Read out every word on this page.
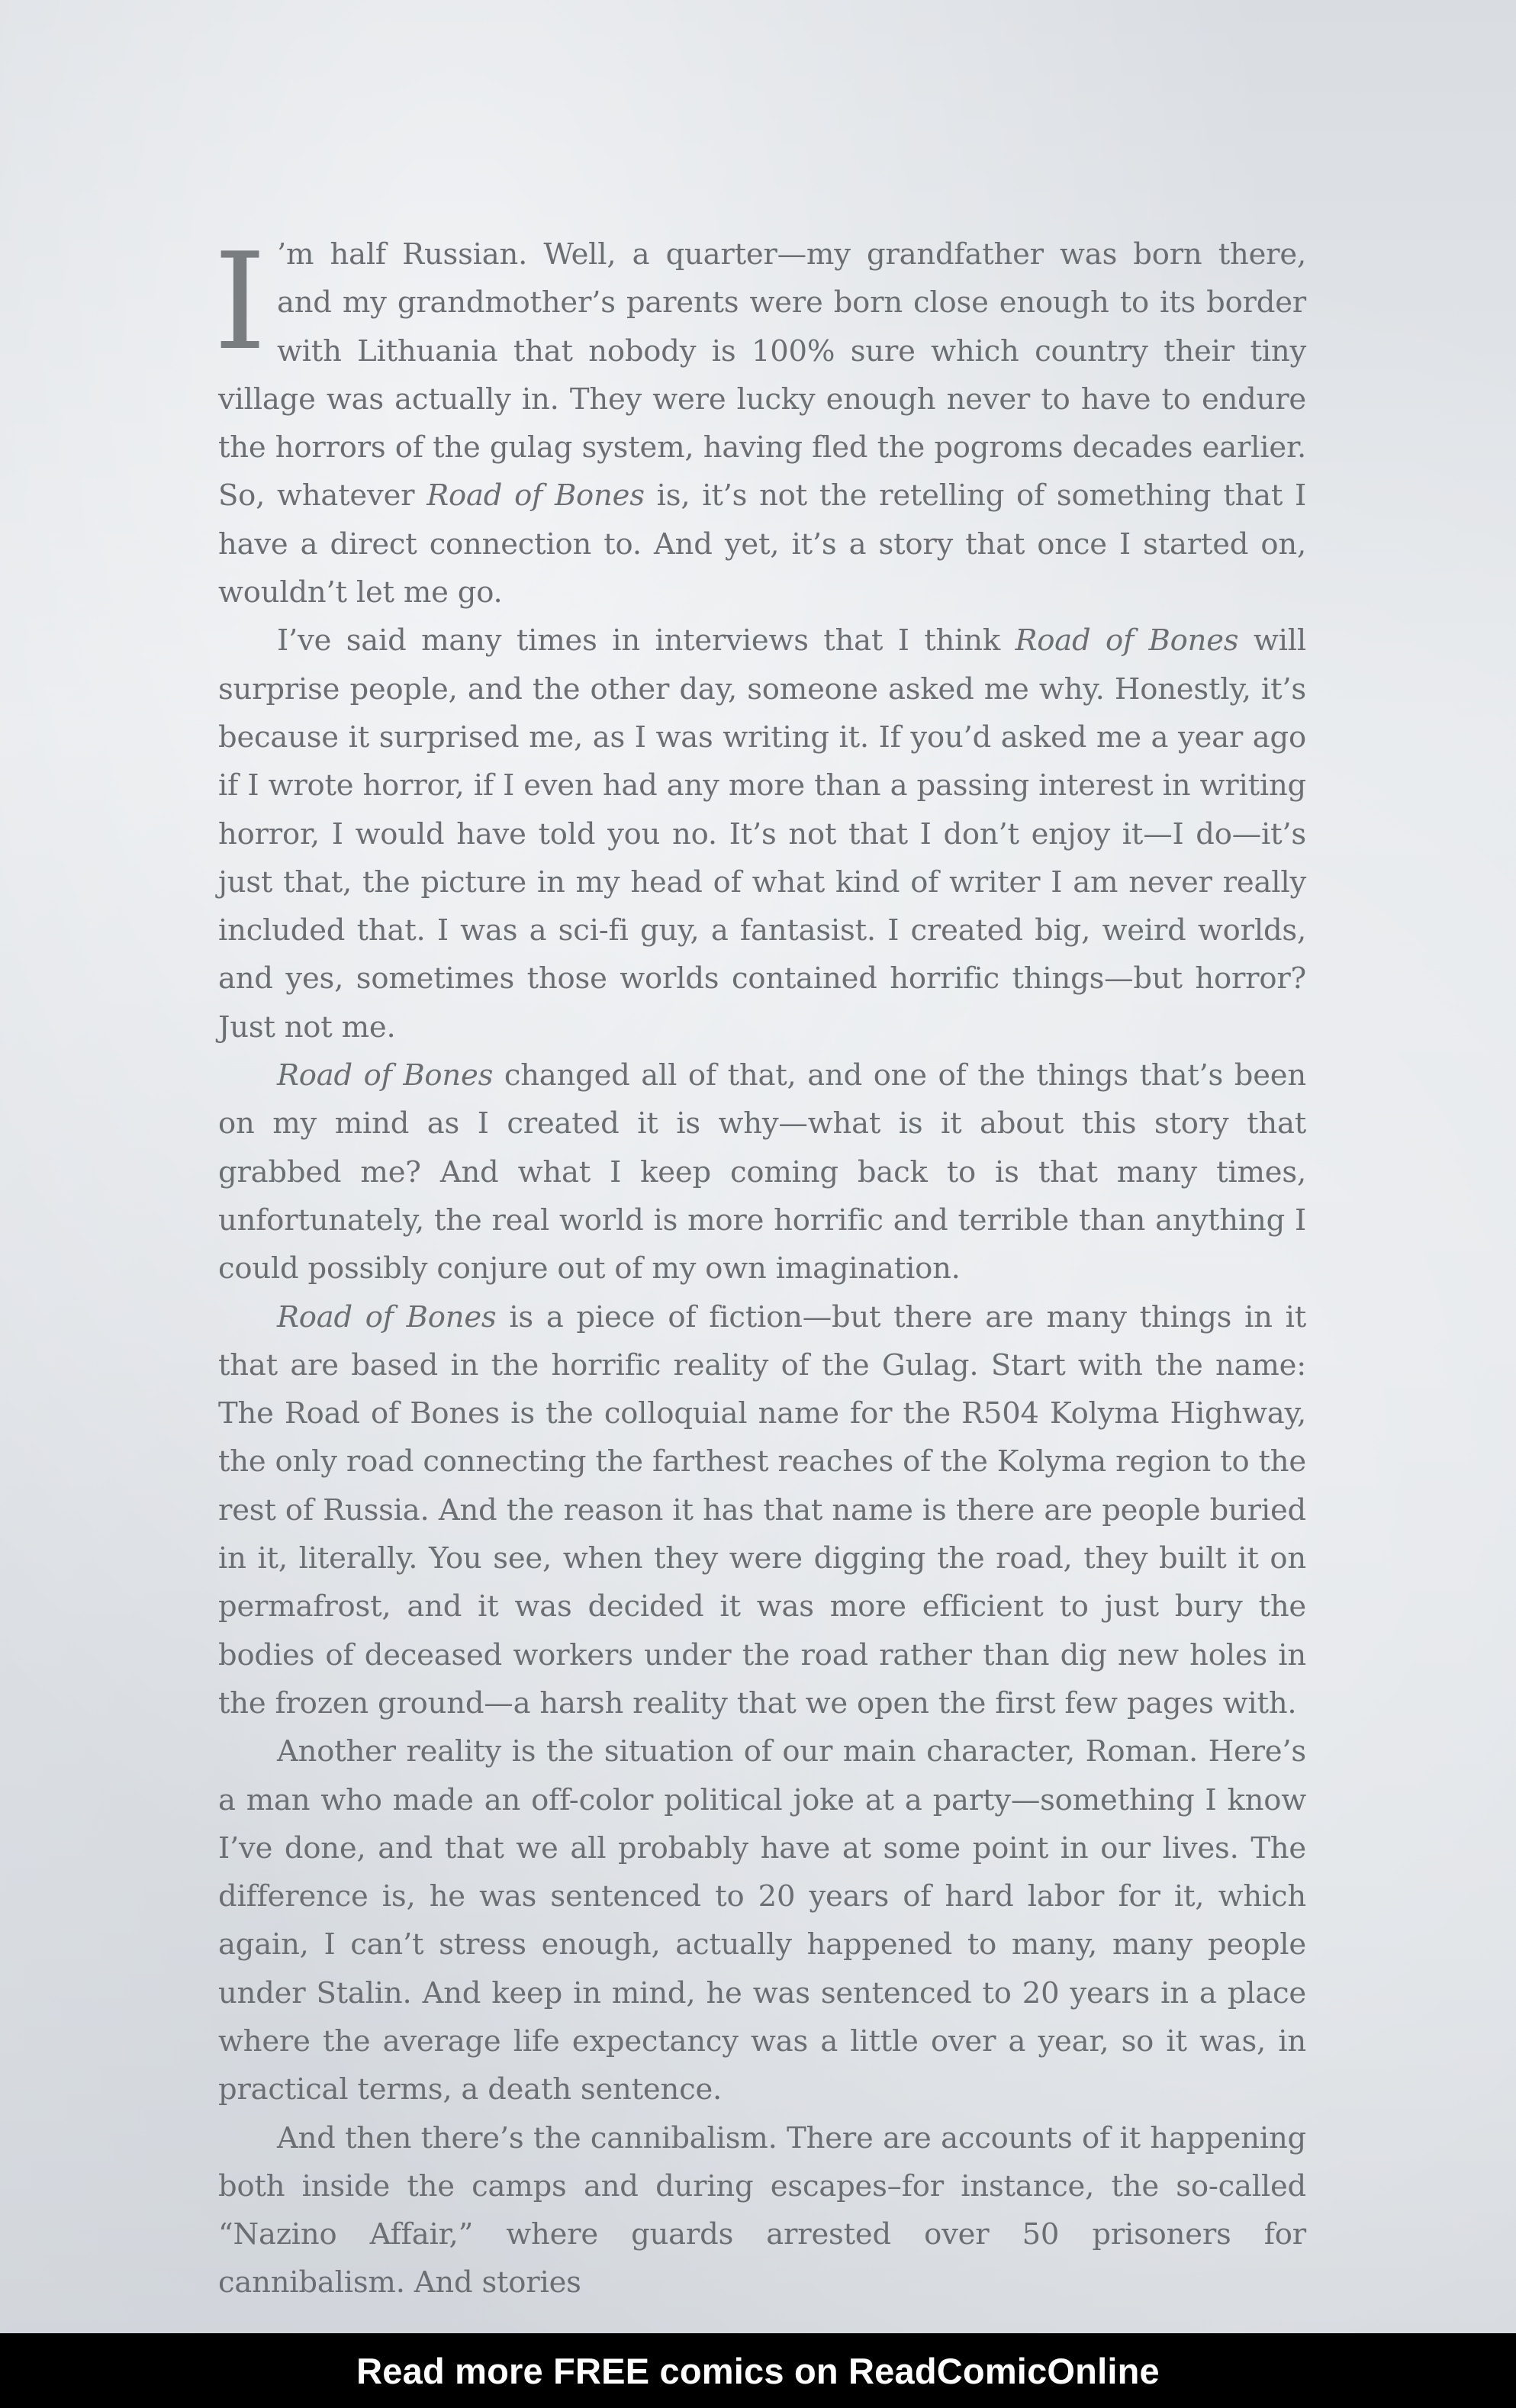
I ’m half Russian. Well, a quarter—my grandfather was born there, and my grandmother’s parents were born close enough to its border with Lithuania that nobody is 100% sure which country their tiny village was actually in. They were lucky enough never to have to endure the horrors of the gulag system, having fled the pogroms decades earlier. So, whatever Road of Bones is, it’s not the retelling of something that I have a direct connection to. And yet, it’s a story that once I started on, wouldn’t let me go.

I’ve said many times in interviews that I think Road of Bones will surprise people, and the other day, someone asked me why. Honestly, it’s because it surprised me, as I was writing it. If you’d asked me a year ago if I wrote horror, if I even had any more than a passing interest in writing horror, I would have told you no. It’s not that I don’t enjoy it—I do—it’s just that, the picture in my head of what kind of writer I am never really included that. I was a sci-fi guy, a fantasist. I created big, weird worlds, and yes, sometimes those worlds contained horrific things—but horror? Just not me.

Road of Bones changed all of that, and one of the things that’s been on my mind as I created it is why—what is it about this story that grabbed me? And what I keep coming back to is that many times, unfortunately, the real world is more horrific and terrible than anything I could possibly conjure out of my own imagination.

Road of Bones is a piece of fiction—but there are many things in it that are based in the horrific reality of the Gulag. Start with the name: The Road of Bones is the colloquial name for the R504 Kolyma Highway, the only road connecting the farthest reaches of the Kolyma region to the rest of Russia. And the reason it has that name is there are people buried in it, literally. You see, when they were digging the road, they built it on permafrost, and it was decided it was more efficient to just bury the bodies of deceased workers under the road rather than dig new holes in the frozen ground—a harsh reality that we open the first few pages with.

Another reality is the situation of our main character, Roman. Here’s a man who made an off-color political joke at a party—something I know I’ve done, and that we all probably have at some point in our lives. The difference is, he was sentenced to 20 years of hard labor for it, which again, I can’t stress enough, actually happened to many, many people under Stalin. And keep in mind, he was sentenced to 20 years in a place where the average life expectancy was a little over a year, so it was, in practical terms, a death sentence.

And then there’s the cannibalism. There are accounts of it happening both inside the camps and during escapes–for instance, the so-called “Nazino Affair,” where guards arrested over 50 prisoners for cannibalism. And stories

Read more FREE comics on ReadComicOnline
